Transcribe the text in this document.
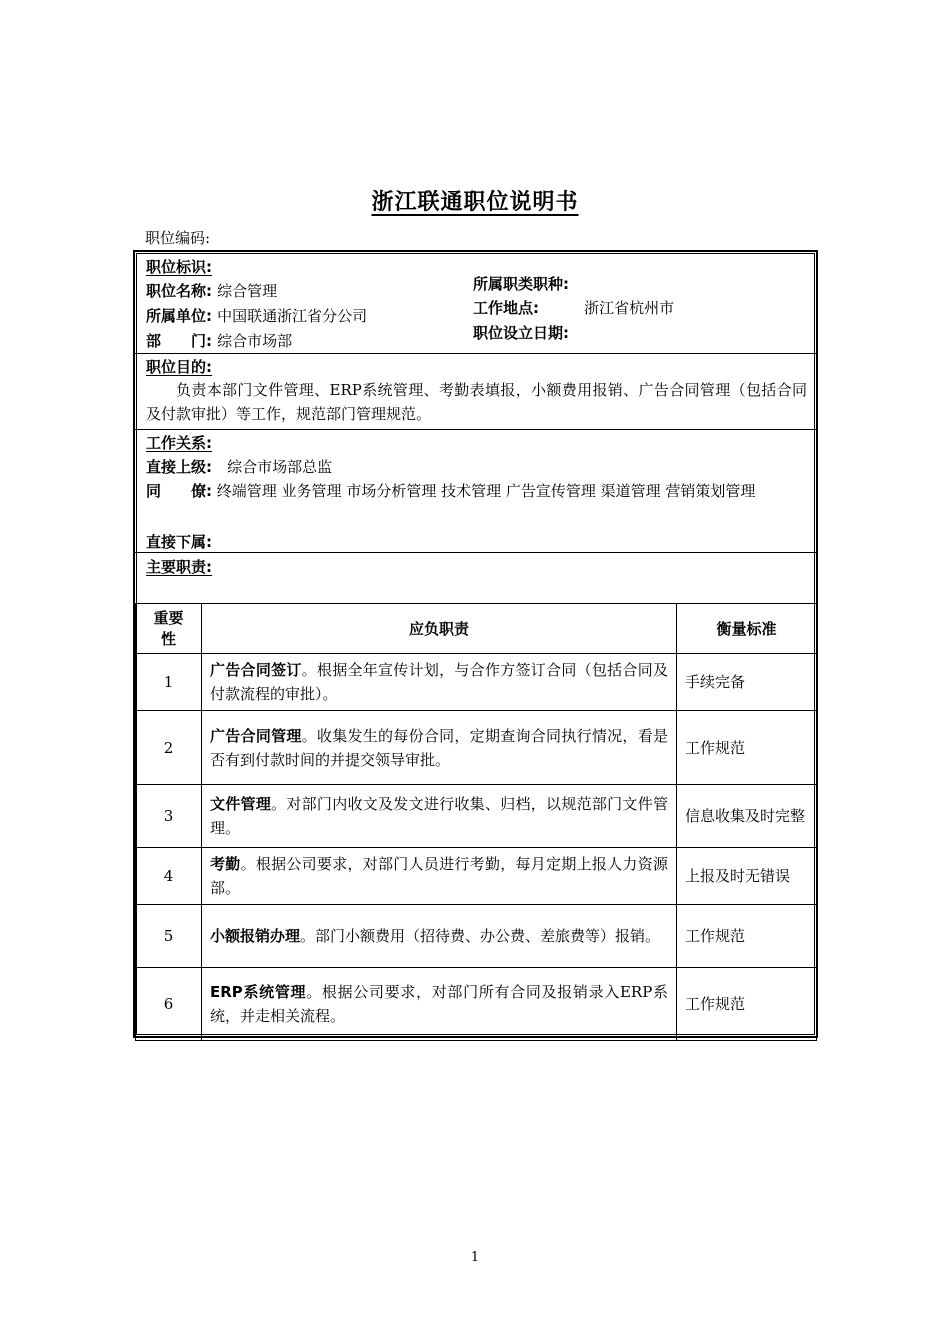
浙江联通职位说明书
职位编码:
职位标识:
职位名称: 综合管理
所属单位: 中国联通浙江省分公司
部　　门: 综合市场部
所属职类职种:
工作地点:	浙江省杭州市
职位设立日期:
职位目的:
负责本部门文件管理、ERP系统管理、考勤表填报，小额费用报销、广告合同管理（包括合同及付款审批）等工作，规范部门管理规范。
工作关系:
直接上级: 综合市场部总监
同　　僚: 终端管理 业务管理 市场分析管理 技术管理 广告宣传管理 渠道管理 营销策划管理
直接下属:
主要职责:
重要性	应负职责	衡量标准
1	广告合同签订。根据全年宣传计划，与合作方签订合同（包括合同及付款流程的审批）。	手续完备
2	广告合同管理。收集发生的每份合同，定期查询合同执行情况，看是否有到付款时间的并提交领导审批。	工作规范
3	文件管理。对部门内收文及发文进行收集、归档，以规范部门文件管理。	信息收集及时完整
4	考勤。根据公司要求，对部门人员进行考勤，每月定期上报人力资源部。	上报及时无错误
5	小额报销办理。部门小额费用（招待费、办公费、差旅费等）报销。	工作规范
6	ERP系统管理。根据公司要求，对部门所有合同及报销录入ERP系统，并走相关流程。	工作规范
1
